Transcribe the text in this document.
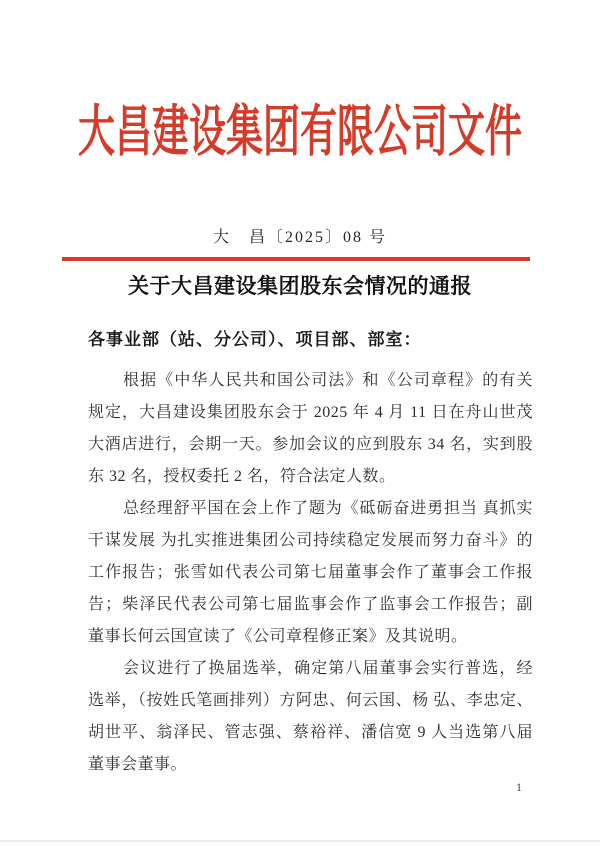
大昌建设集团有限公司文件
大　昌〔2025〕08 号
关于大昌建设集团股东会情况的通报
各事业部（站、分公司）、项目部、部室：

根据《中华人民共和国公司法》和《公司章程》的有关规定，大昌建设集团股东会于 2025 年 4 月 11 日在舟山世茂大酒店进行，会期一天。参加会议的应到股东 34 名，实到股东 32 名，授权委托 2 名，符合法定人数。

总经理舒平国在会上作了题为《砥砺奋进勇担当 真抓实干谋发展 为扎实推进集团公司持续稳定发展而努力奋斗》的工作报告；张雪如代表公司第七届董事会作了董事会工作报告；柴泽民代表公司第七届监事会作了监事会工作报告；副董事长何云国宣读了《公司章程修正案》及其说明。

会议进行了换届选举，确定第八届董事会实行普选，经选举，（按姓氏笔画排列）方阿忠、何云国、杨 弘、李忠定、胡世平、翁泽民、管志强、蔡裕祥、潘信宽 9 人当选第八届董事会董事。

1
